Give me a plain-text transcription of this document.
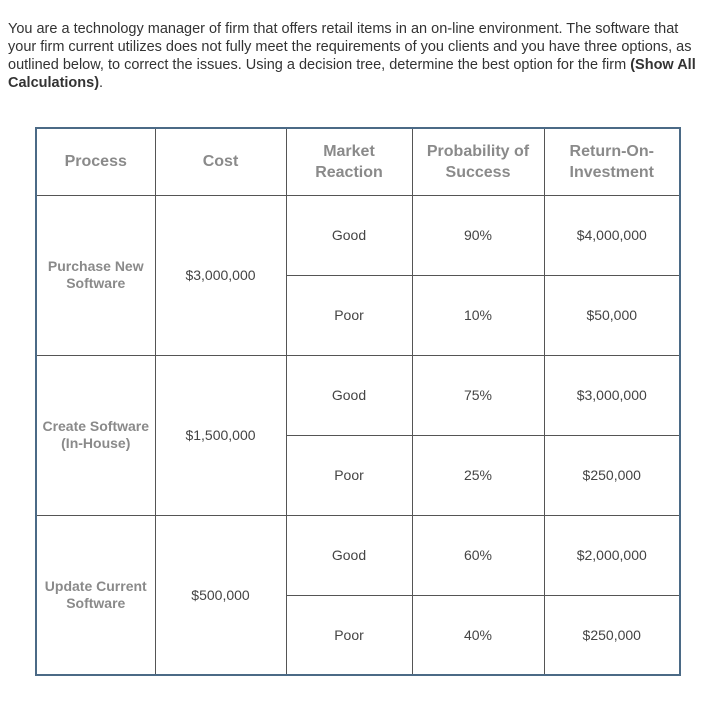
You are a technology manager of firm that offers retail items in an on-line environment. The software that your firm current utilizes does not fully meet the requirements of you clients and you have three options, as outlined below, to correct the issues. Using a decision tree, determine the best option for the firm (Show All Calculations).

Process	Cost	Market Reaction	Probability of Success	Return-On-Investment
Purchase New Software	$3,000,000	Good	90%	$4,000,000
		Poor	10%	$50,000
Create Software (In-House)	$1,500,000	Good	75%	$3,000,000
		Poor	25%	$250,000
Update Current Software	$500,000	Good	60%	$2,000,000
		Poor	40%	$250,000
